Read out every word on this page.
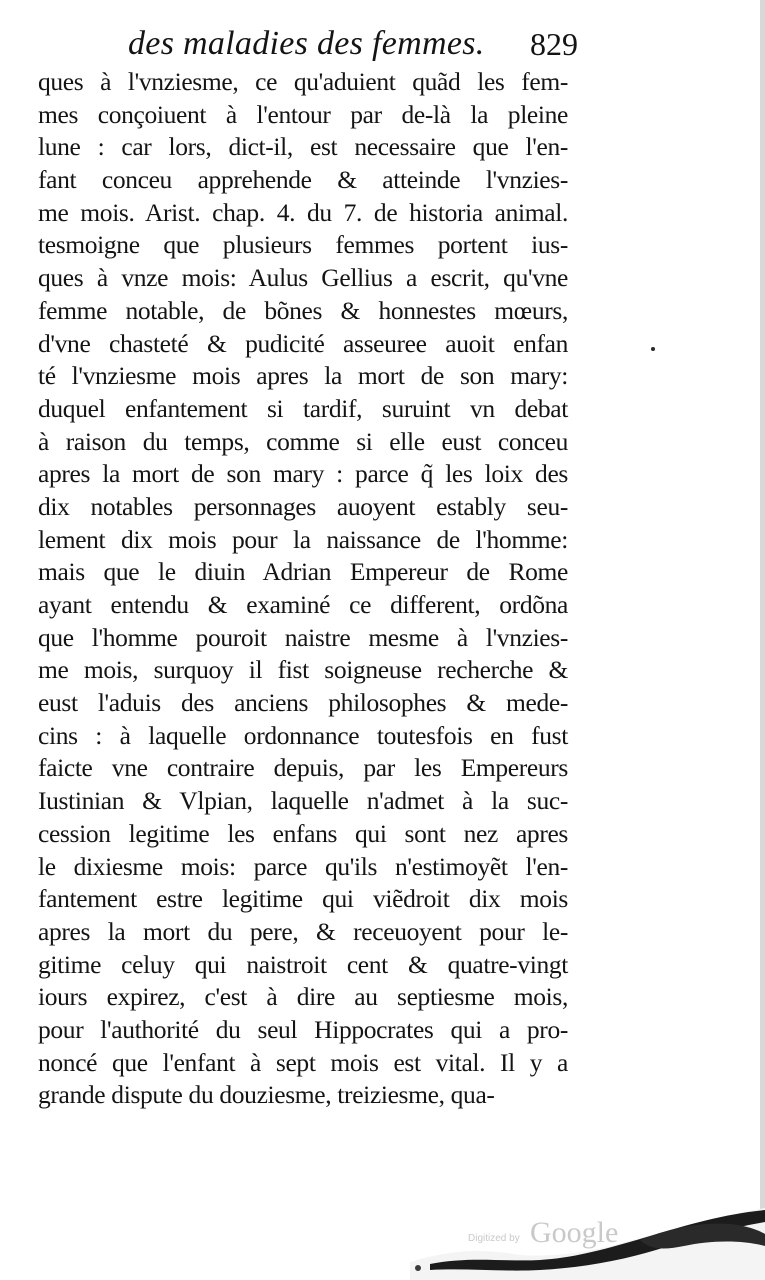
des maladies des femmes. 829
ques à l'vnziesme, ce qu'aduient quãd les fem-
mes conçoiuent à l'entour par de-là la pleine
lune : car lors, dict-il, est necessaire que l'en-
fant conceu apprehende & atteinde l'vnzies-
me mois. Arist. chap. 4. du 7. de historia animal.
tesmoigne que plusieurs femmes portent ius-
ques à vnze mois: Aulus Gellius a escrit, qu'vne
femme notable, de bõnes & honnestes mœurs,
d'vne chasteté & pudicité asseuree auoit enfan
té l'vnziesme mois apres la mort de son mary:
duquel enfantement si tardif, suruint vn debat
à raison du temps, comme si elle eust conceu
apres la mort de son mary : parce q̃ les loix des
dix notables personnages auoyent estably seu-
lement dix mois pour la naissance de l'homme:
mais que le diuin Adrian Empereur de Rome
ayant entendu & examiné ce different, ordõna
que l'homme pouroit naistre mesme à l'vnzies-
me mois, surquoy il fist soigneuse recherche &
eust l'aduis des anciens philosophes & mede-
cins : à laquelle ordonnance toutesfois en fust
faicte vne contraire depuis, par les Empereurs
Iustinian & Vlpian, laquelle n'admet à la suc-
cession legitime les enfans qui sont nez apres
le dixiesme mois: parce qu'ils n'estimoyẽt l'en-
fantement estre legitime qui viẽdroit dix mois
apres la mort du pere, & receuoyent pour le-
gitime celuy qui naistroit cent & quatre-vingt
iours expirez, c'est à dire au septiesme mois,
pour l'authorité du seul Hippocrates qui a pro-
noncé que l'enfant à sept mois est vital. Il y a
grande dispute du douziesme, treiziesme, qua-
Digitized by Google
